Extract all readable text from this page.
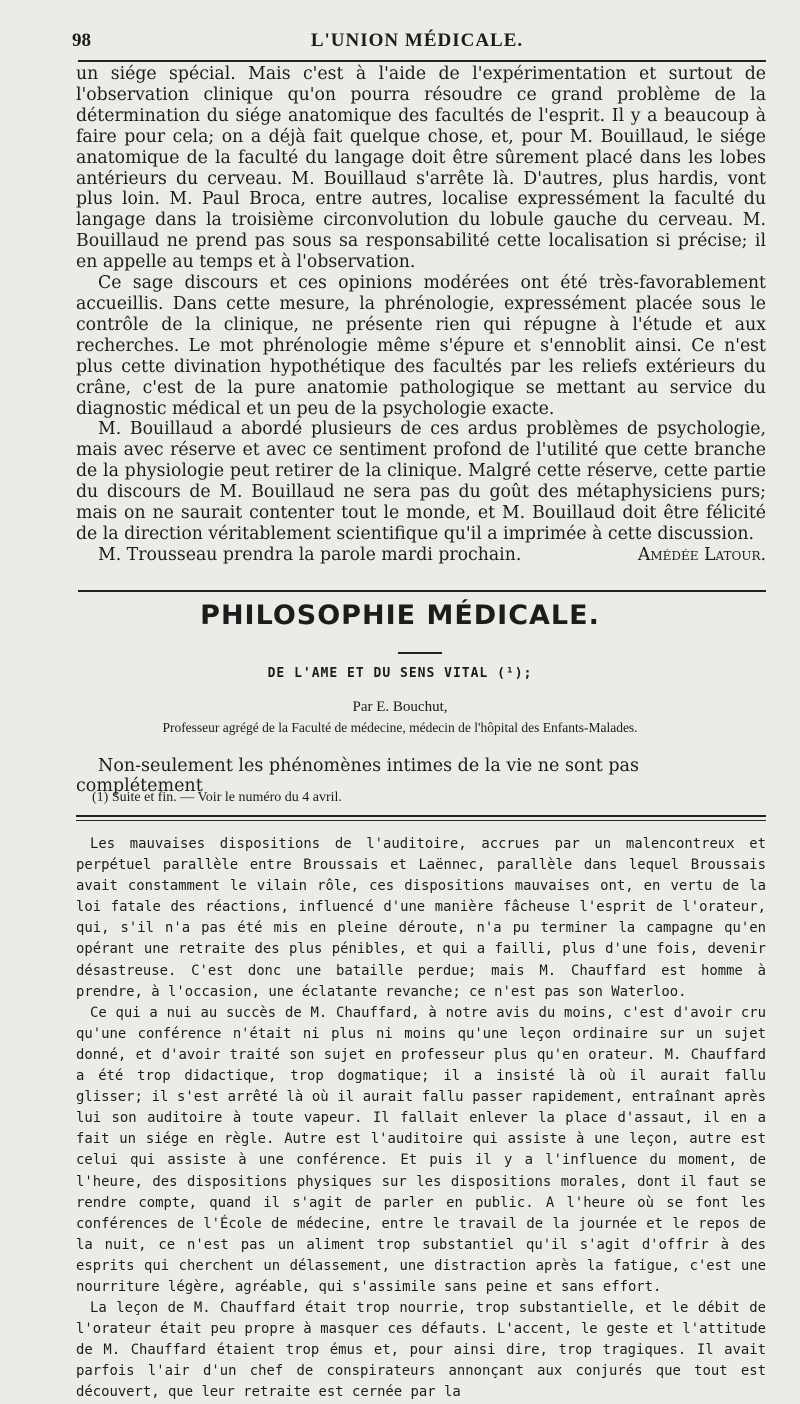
98	L'UNION MÉDICALE.

un siége spécial. Mais c'est à l'aide de l'expérimentation et surtout de l'observation clinique qu'on pourra résoudre ce grand problème de la détermination du siége anatomique des facultés de l'esprit. Il y a beaucoup à faire pour cela; on a déjà fait quelque chose, et, pour M. Bouillaud, le siége anatomique de la faculté du langage doit être sûrement placé dans les lobes antérieurs du cerveau. M. Bouillaud s'arrête là. D'autres, plus hardis, vont plus loin. M. Paul Broca, entre autres, localise expressément la faculté du langage dans la troisième circonvolution du lobule gauche du cerveau. M. Bouillaud ne prend pas sous sa responsabilité cette localisation si précise; il en appelle au temps et à l'observation.

Ce sage discours et ces opinions modérées ont été très-favorablement accueillis. Dans cette mesure, la phrénologie, expressément placée sous le contrôle de la clinique, ne présente rien qui répugne à l'étude et aux recherches. Le mot phrénologie même s'épure et s'ennoblit ainsi. Ce n'est plus cette divination hypothétique des facultés par les reliefs extérieurs du crâne, c'est de la pure anatomie pathologique se mettant au service du diagnostic médical et un peu de la psychologie exacte.

M. Bouillaud a abordé plusieurs de ces ardus problèmes de psychologie, mais avec réserve et avec ce sentiment profond de l'utilité que cette branche de la physiologie peut retirer de la clinique. Malgré cette réserve, cette partie du discours de M. Bouillaud ne sera pas du goût des métaphysiciens purs; mais on ne saurait contenter tout le monde, et M. Bouillaud doit être félicité de la direction véritablement scientifique qu'il a imprimée à cette discussion.

M. Trousseau prendra la parole mardi prochain.	Amédée Latour.

PHILOSOPHIE MÉDICALE.
DE L'AME ET DU SENS VITAL (¹);
Par E. Bouchut,
Professeur agrégé de la Faculté de médecine, médecin de l'hôpital des Enfants-Malades.
Non-seulement les phénomènes intimes de la vie ne sont pas complétement
(1) Suite et fin. — Voir le numéro du 4 avril.

Les mauvaises dispositions de l'auditoire, accrues par un malencontreux et perpétuel parallèle entre Broussais et Laënnec, parallèle dans lequel Broussais avait constamment le vilain rôle, ces dispositions mauvaises ont, en vertu de la loi fatale des réactions, influencé d'une manière fâcheuse l'esprit de l'orateur, qui, s'il n'a pas été mis en pleine déroute, n'a pu terminer la campagne qu'en opérant une retraite des plus pénibles, et qui a failli, plus d'une fois, devenir désastreuse. C'est donc une bataille perdue; mais M. Chauffard est homme à prendre, à l'occasion, une éclatante revanche; ce n'est pas son Waterloo.

Ce qui a nui au succès de M. Chauffard, à notre avis du moins, c'est d'avoir cru qu'une conférence n'était ni plus ni moins qu'une leçon ordinaire sur un sujet donné, et d'avoir traité son sujet en professeur plus qu'en orateur. M. Chauffard a été trop didactique, trop dogmatique; il a insisté là où il aurait fallu glisser; il s'est arrêté là où il aurait fallu passer rapidement, entraînant après lui son auditoire à toute vapeur. Il fallait enlever la place d'assaut, il en a fait un siége en règle. Autre est l'auditoire qui assiste à une leçon, autre est celui qui assiste à une conférence. Et puis il y a l'influence du moment, de l'heure, des dispositions physiques sur les dispositions morales, dont il faut se rendre compte, quand il s'agit de parler en public. A l'heure où se font les conférences de l'École de médecine, entre le travail de la journée et le repos de la nuit, ce n'est pas un aliment trop substantiel qu'il s'agit d'offrir à des esprits qui cherchent un délassement, une distraction après la fatigue, c'est une nourriture légère, agréable, qui s'assimile sans peine et sans effort.

La leçon de M. Chauffard était trop nourrie, trop substantielle, et le débit de l'orateur était peu propre à masquer ces défauts. L'accent, le geste et l'attitude de M. Chauffard étaient trop émus et, pour ainsi dire, trop tragiques. Il avait parfois l'air d'un chef de conspirateurs annonçant aux conjurés que tout est découvert, que leur retraite est cernée par la
